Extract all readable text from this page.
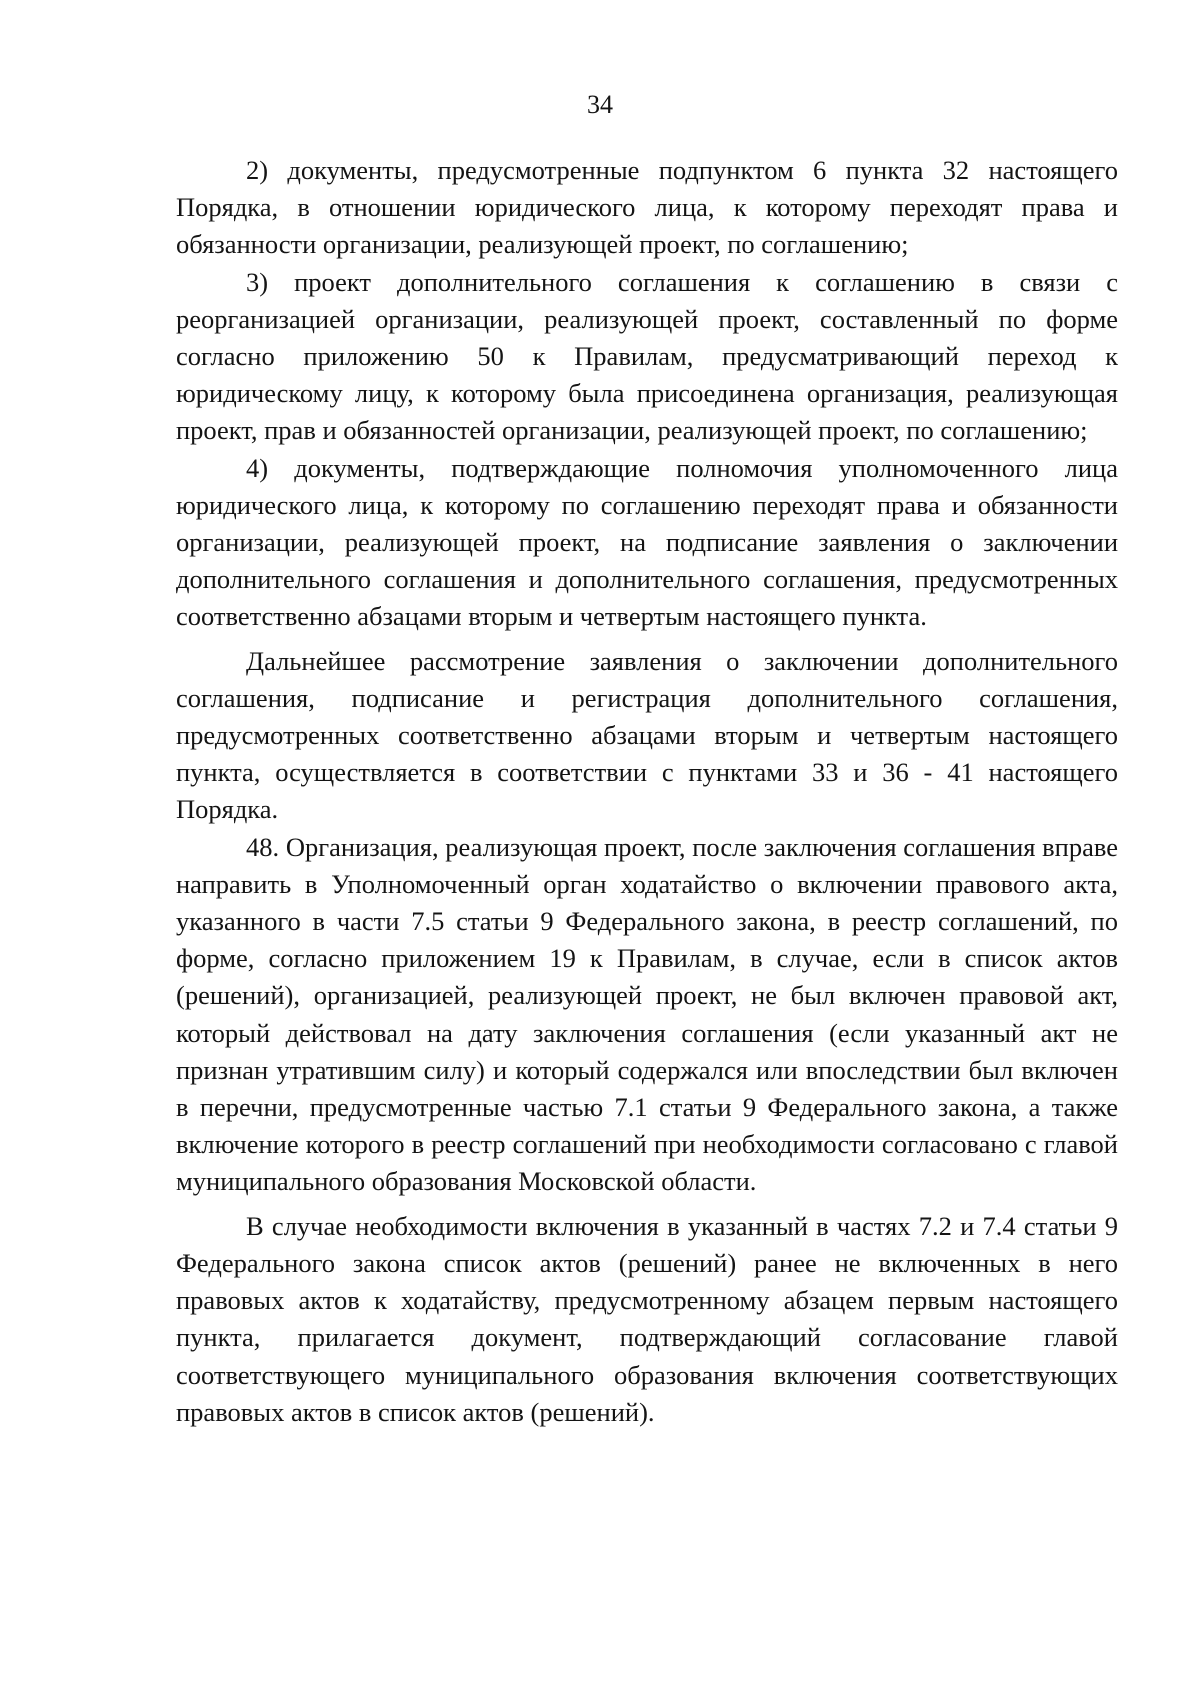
34

2) документы, предусмотренные подпунктом 6 пункта 32 настоящего Порядка, в отношении юридического лица, к которому переходят права и обязанности организации, реализующей проект, по соглашению;

3) проект дополнительного соглашения к соглашению в связи с реорганизацией организации, реализующей проект, составленный по форме согласно приложению 50 к Правилам, предусматривающий переход к юридическому лицу, к которому была присоединена организация, реализующая проект, прав и обязанностей организации, реализующей проект, по соглашению;

4) документы, подтверждающие полномочия уполномоченного лица юридического лица, к которому по соглашению переходят права и обязанности организации, реализующей проект, на подписание заявления о заключении дополнительного соглашения и дополнительного соглашения, предусмотренных соответственно абзацами вторым и четвертым настоящего пункта.

Дальнейшее рассмотрение заявления о заключении дополнительного соглашения, подписание и регистрация дополнительного соглашения, предусмотренных соответственно абзацами вторым и четвертым настоящего пункта, осуществляется в соответствии с пунктами 33 и 36 - 41 настоящего Порядка.

48. Организация, реализующая проект, после заключения соглашения вправе направить в Уполномоченный орган ходатайство о включении правового акта, указанного в части 7.5 статьи 9 Федерального закона, в реестр соглашений, по форме, согласно приложением 19 к Правилам, в случае, если в список актов (решений), организацией, реализующей проект, не был включен правовой акт, который действовал на дату заключения соглашения (если указанный акт не признан утратившим силу) и который содержался или впоследствии был включен в перечни, предусмотренные частью 7.1 статьи 9 Федерального закона, а также включение которого в реестр соглашений при необходимости согласовано с главой муниципального образования Московской области.

В случае необходимости включения в указанный в частях 7.2 и 7.4 статьи 9 Федерального закона список актов (решений) ранее не включенных в него правовых актов к ходатайству, предусмотренному абзацем первым настоящего пункта, прилагается документ, подтверждающий согласование главой соответствующего муниципального образования включения соответствующих правовых актов в список актов (решений).
